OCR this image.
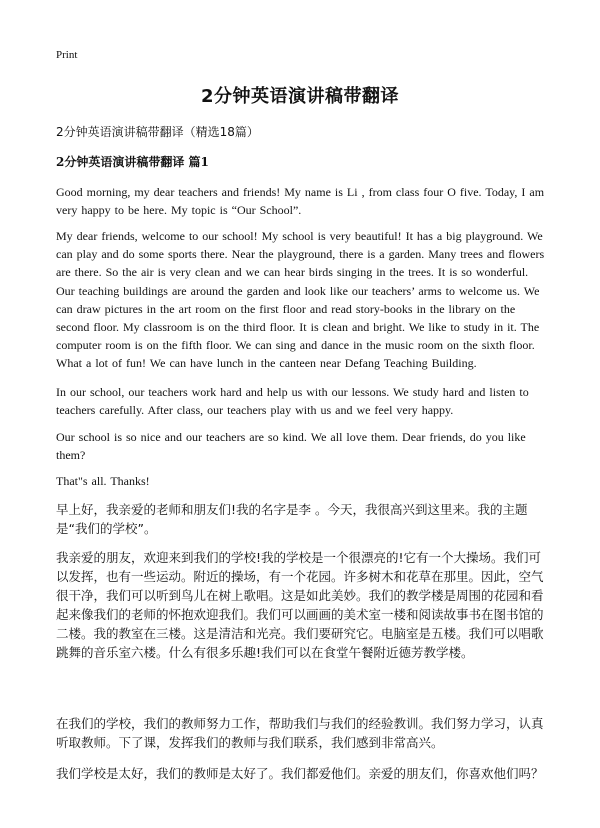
Print
2分钟英语演讲稿带翻译
2分钟英语演讲稿带翻译（精选18篇）
2分钟英语演讲稿带翻译 篇1

Good morning, my dear teachers and friends! My name is Li , from class four O five. Today, I am very happy to be here. My topic is “Our School”.

My dear friends, welcome to our school! My school is very beautiful! It has a big playground. We can play and do some sports there. Near the playground, there is a garden. Many trees and flowers are there. So the air is very clean and we can hear birds singing in the trees. It is so wonderful. Our teaching buildings are around the garden and look like our teachers’ arms to welcome us. We can draw pictures in the art room on the first floor and read story-books in the library on the second floor. My classroom is on the third floor. It is clean and bright. We like to study in it. The computer room is on the fifth floor. We can sing and dance in the music room on the sixth floor. What a lot of fun! We can have lunch in the canteen near Defang Teaching Building.

In our school, our teachers work hard and help us with our lessons. We study hard and listen to teachers carefully. After class, our teachers play with us and we feel very happy.

Our school is so nice and our teachers are so kind. We all love them. Dear friends, do you like them?

That"s all. Thanks!

早上好，我亲爱的老师和朋友们!我的名字是李 。今天，我很高兴到这里来。我的主题是“我们的学校”。

我亲爱的朋友，欢迎来到我们的学校!我的学校是一个很漂亮的!它有一个大操场。我们可以发挥，也有一些运动。附近的操场，有一个花园。许多树木和花草在那里。因此，空气很干净，我们可以听到鸟儿在树上歌唱。这是如此美妙。我们的教学楼是周围的花园和看起来像我们的老师的怀抱欢迎我们。我们可以画画的美术室一楼和阅读故事书在图书馆的二楼。我的教室在三楼。这是清洁和光亮。我们要研究它。电脑室是五楼。我们可以唱歌跳舞的音乐室六楼。什么有很多乐趣!我们可以在食堂午餐附近德芳教学楼。

在我们的学校，我们的教师努力工作，帮助我们与我们的经验教训。我们努力学习，认真听取教师。下了课，发挥我们的教师与我们联系，我们感到非常高兴。

我们学校是太好，我们的教师是太好了。我们都爱他们。亲爱的朋友们，你喜欢他们吗？
